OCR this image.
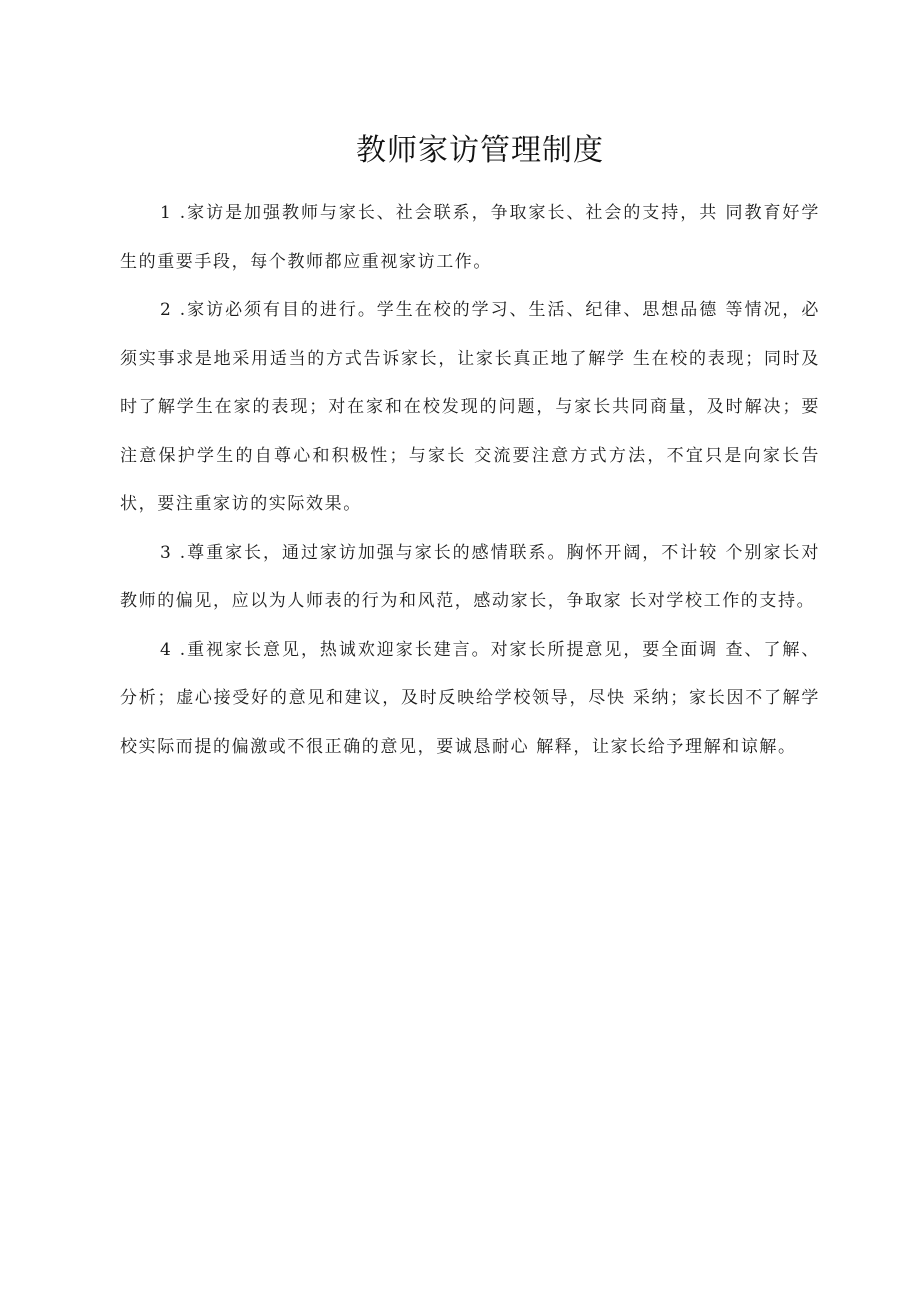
教师家访管理制度

1 .家访是加强教师与家长、社会联系，争取家长、社会的支持，共 同教育好学生的重要手段，每个教师都应重视家访工作。

2 .家访必须有目的进行。学生在校的学习、生活、纪律、思想品德 等情况，必须实事求是地采用适当的方式告诉家长，让家长真正地了解学 生在校的表现；同时及时了解学生在家的表现；对在家和在校发现的问题，与家长共同商量，及时解决；要注意保护学生的自尊心和积极性；与家长 交流要注意方式方法，不宜只是向家长告状，要注重家访的实际效果。

3 .尊重家长，通过家访加强与家长的感情联系。胸怀开阔，不计较 个别家长对教师的偏见，应以为人师表的行为和风范，感动家长，争取家 长对学校工作的支持。

4 .重视家长意见，热诚欢迎家长建言。对家长所提意见，要全面调 查、了解、分析；虚心接受好的意见和建议，及时反映给学校领导，尽快 采纳；家长因不了解学校实际而提的偏激或不很正确的意见，要诚恳耐心 解释，让家长给予理解和谅解。
